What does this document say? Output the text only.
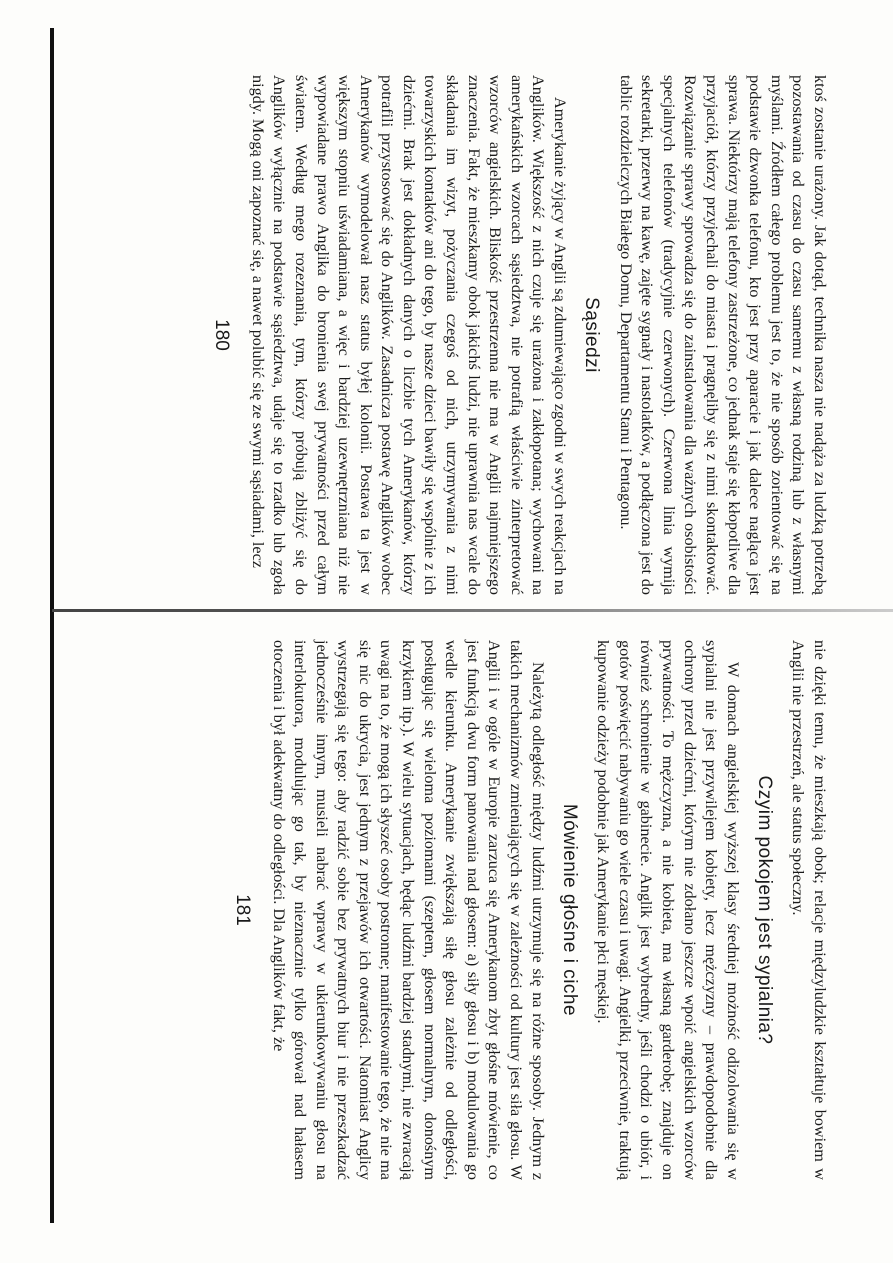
ktoś zostanie urażony. Jak dotąd, technika nasza nie nadąża za ludzką potrzebą pozostawania od czasu do czasu samemu z własną rodziną lub z własnymi myślami. Źródłem całego problemu jest to, że nie sposób zorientować się na podstawie dzwonka telefonu, kto jest przy aparacie i jak dalece nagląca jest sprawa. Niektórzy mają telefony zastrzeżone, co jednak staje się kłopotliwe dla przyjaciół, którzy przyjechali do miasta i pragnęliby się z nimi skontaktować. Rozwiązanie sprawy sprowadza się do zainstalowania dla ważnych osobistości specjalnych telefonów (tradycyjnie czerwonych). Czerwona linia wymija sekretarki, przerwy na kawę, zajęte sygnały i nastolatków, a podłączona jest do tablic rozdzielczych Białego Domu, Departamentu Stanu i Pentagonu.

Sąsiedzi

Amerykanie żyjący w Anglii są zdumiewająco zgodni w swych reakcjach na Anglików. Większość z nich czuje się urażona i zakłopotana; wychowani na amerykańskich wzorcach sąsiedztwa, nie potrafią właściwie zinterpretować wzorców angielskich. Bliskość przestrzenna nie ma w Anglii najmniejszego znaczenia. Fakt, że mieszkamy obok jakichś ludzi, nie uprawnia nas wcale do składania im wizyt, pożyczania czegoś od nich, utrzymywania z nimi towarzyskich kontaktów ani do tego, by nasze dzieci bawiły się wspólnie z ich dziećmi. Brak jest dokładnych danych o liczbie tych Amerykanów, którzy potrafili przystosować się do Anglików. Zasadnicza postawę Anglików wobec Amerykanów wymodelował nasz status byłej kolonii. Postawa ta jest w większym stopniu uświadamiana, a więc i bardziej uzewnętrzniana niż nie wypowiadane prawo Anglika do bronienia swej prywatności przed całym światem. Według mego rozeznania, tym, którzy próbują zbliżyć się do Anglików wyłącznie na podstawie sąsiedztwa, udaje się to rzadko lub zgoła nigdy. Mogą oni zapoznać się, a nawet polubić się ze swymi sąsiadami, lecz

180

nie dzięki temu, że mieszkają obok; relacje międzyludzkie kształtuje bowiem w Anglii nie przestrzeń, ale status społeczny.

Czyim pokojem jest sypialnia?

W domach angielskiej wyższej klasy średniej możność odizolowania się w sypialni nie jest przywilejem kobiety, lecz mężczyzny – prawdopodobnie dla ochrony przed dziećmi, którym nie zdołano jeszcze wpoić angielskich wzorców prywatności. To mężczyzna, a nie kobieta, ma własną garderobę; znajduje on również schronienie w gabinecie. Anglik jest wybredny, jeśli chodzi o ubiór, i gotów poświęcić nabywaniu go wiele czasu i uwagi. Angielki, przeciwnie, traktują kupowanie odzieży podobnie jak Amerykanie płci męskiej.

Mówienie głośne i ciche

Należytą odległość między ludźmi utrzymuje się na różne sposoby. Jednym z takich mechanizmów zmieniających się w zależności od kultury jest siła głosu. W Anglii i w ogóle w Europie zarzuca się Amerykanom zbyt głośne mówienie, co jest funkcją dwu form panowania nad głosem: a) siły głosu i b) modulowania go wedle kierunku. Amerykanie zwiększają siłę głosu zależnie od odległości, posługując się wieloma poziomami (szeptem, głosem normalnym, donośnym krzykiem itp.). W wielu sytuacjach, będąc ludźmi bardziej stadnymi, nie zwracają uwagi na to, że mogą ich słyszeć osoby postronne; manifestowanie tego, że nie ma się nic do ukrycia, jest jednym z przejawów ich otwartości. Natomiast Anglicy wystrzegają się tego: aby radzić sobie bez prywatnych biur i nie przeszkadzać jednocześnie innym, musieli nabrać wprawy w ukierunkowywaniu głosu na interlokutora, modulując go tak, by nieznacznie tylko górował nad hałasem otoczenia i był adekwatny do odległości. Dla Anglików fakt, że

181
